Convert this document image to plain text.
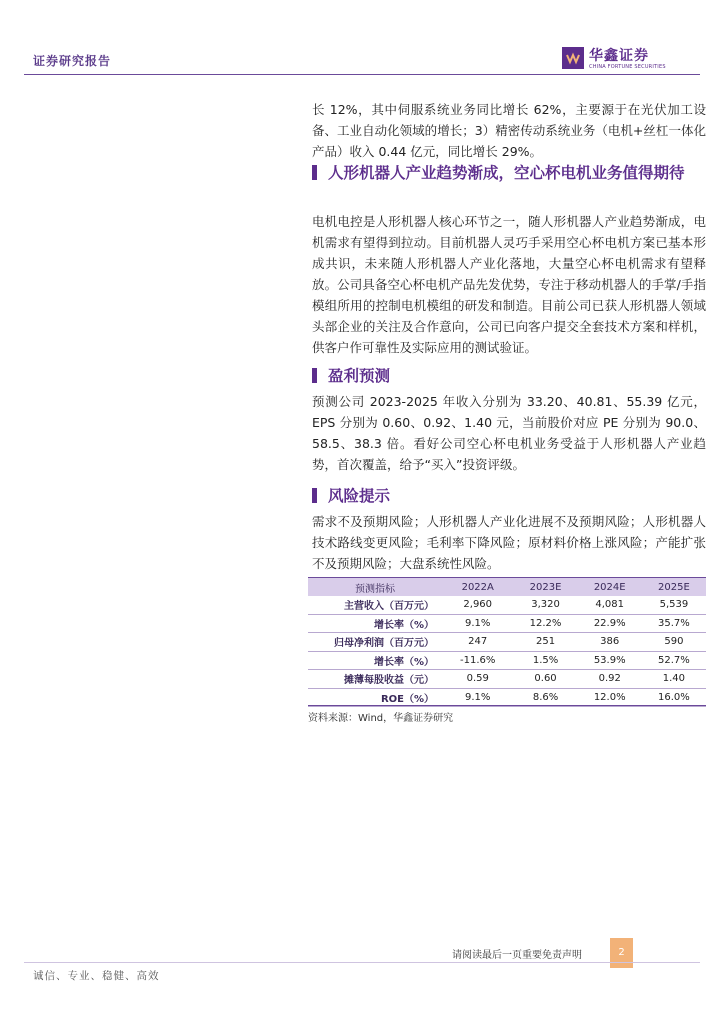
证券研究报告	华鑫证券
CHINA FORTUNE SECURITIES

长 12%，其中伺服系统业务同比增长 62%，主要源于在光伏加工设备、工业自动化领域的增长；3）精密传动系统业务（电机+丝杠一体化产品）收入 0.44 亿元，同比增长 29%。

人形机器人产业趋势渐成，空心杯电机业务值得期待

电机电控是人形机器人核心环节之一，随人形机器人产业趋势渐成，电机需求有望得到拉动。目前机器人灵巧手采用空心杯电机方案已基本形成共识，未来随人形机器人产业化落地，大量空心杯电机需求有望释放。公司具备空心杯电机产品先发优势，专注于移动机器人的手掌/手指模组所用的控制电机模组的研发和制造。目前公司已获人形机器人领域头部企业的关注及合作意向，公司已向客户提交全套技术方案和样机，供客户作可靠性及实际应用的测试验证。

盈利预测

预测公司 2023-2025 年收入分别为 33.20、40.81、55.39 亿元，EPS 分别为 0.60、0.92、1.40 元，当前股价对应 PE 分别为 90.0、58.5、38.3 倍。看好公司空心杯电机业务受益于人形机器人产业趋势，首次覆盖，给予“买入”投资评级。

风险提示

需求不及预期风险；人形机器人产业化进展不及预期风险；人形机器人技术路线变更风险；毛利率下降风险；原材料价格上涨风险；产能扩张不及预期风险；大盘系统性风险。

预测指标	2022A	2023E	2024E	2025E
主营收入（百万元）	2,960	3,320	4,081	5,539
增长率（%）	9.1%	12.2%	22.9%	35.7%
归母净利润（百万元）	247	251	386	590
增长率（%）	-11.6%	1.5%	53.9%	52.7%
摊薄每股收益（元）	0.59	0.60	0.92	1.40
ROE（%）	9.1%	8.6%	12.0%	16.0%
资料来源：Wind，华鑫证券研究
请阅读最后一页重要免责声明	2
诚信、专业、稳健、高效
